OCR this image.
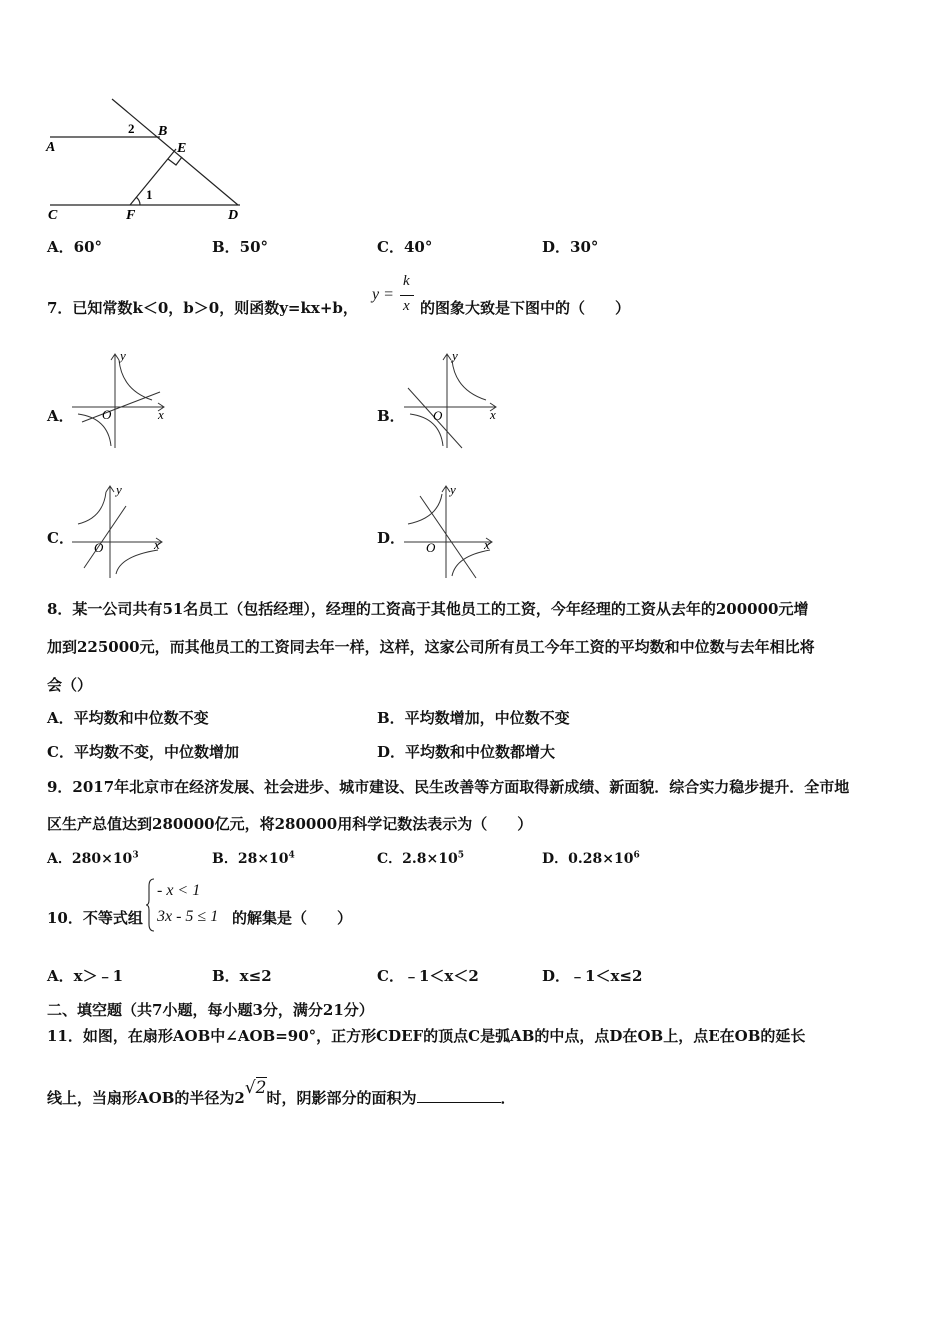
A
2 B
E
1
C	F	D
A．60°	B．50°	C．40°	D．30°
7．已知常数k＜0，b＞0，则函数y=kx+b，
y =
k
x 的图象大致是下图中的（　　）
A．
y
x
O	B．
y
x
O
C．
y
x
O
D．
y
x
O
8．某一公司共有51名员工（包括经理），经理的工资高于其他员工的工资，今年经理的工资从去年的200000元增
加到225000元，而其他员工的工资同去年一样，这样，这家公司所有员工今年工资的平均数和中位数与去年相比将
会（）
A．平均数和中位数不变	B．平均数增加，中位数不变
C．平均数不变，中位数增加	D．平均数和中位数都增大
9．2017年北京市在经济发展、社会进步、城市建设、民生改善等方面取得新成绩、新面貌．综合实力稳步提升．全市地
区生产总值达到280000亿元，将280000用科学记数法表示为（　　）
A．$280\times 10^3$	B．$28\times 10^4$	C．$2.8\times 10^5$	D．$0.28\times 10^6$
10．不等式组
- x < 1
3x - 5 ≤ 1 的解集是（　　）
A．x＞﹣1	B．x≤2	C．﹣1＜x＜2	D．﹣1＜x≤2
二、填空题（共7小题，每小题3分，满分21分）
11．如图，在扇形AOB中∠AOB=90°，正方形CDEF的顶点C是弧AB的中点，点D在OB上，点E在OB的延长
线上，当扇形AOB的半径为2√2时，阴影部分的面积为	．
